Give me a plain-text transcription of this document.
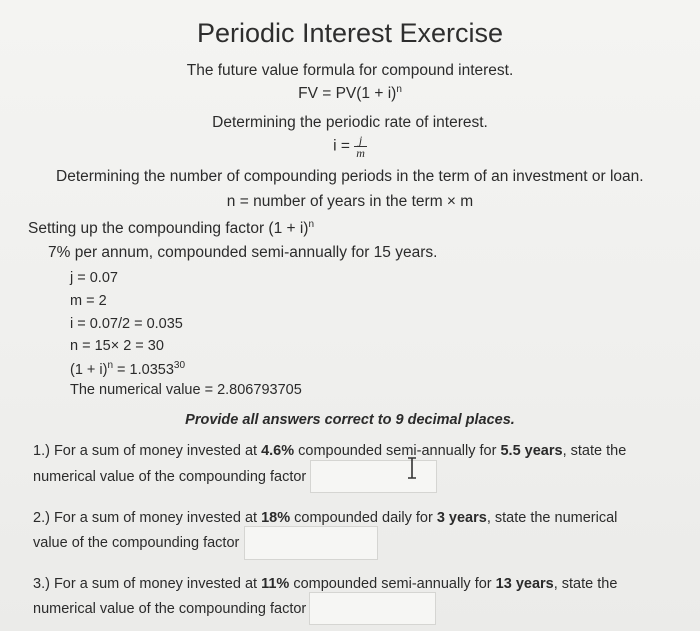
Periodic Interest Exercise
The future value formula for compound interest.
FV = $PV(1 + i)^n$
Determining the periodic rate of interest.
$i = \frac{j}{m}$
Determining the number of compounding periods in the term of an investment or loan.
n = number of years in the term × m
Setting up the compounding factor $(1 + i)^n$
7% per annum, compounded semi-annually for 15 years.
j = 0.07
m = 2
i = 0.07/2 = 0.035
n = 15× 2 = 30
$(1 + i)^n = 1.0353^{30}$
The numerical value = 2.806793705
Provide all answers correct to 9 decimal places.
1.) For a sum of money invested at 4.6% compounded semi-annually for 5.5 years, state the
numerical value of the compounding factor
2.) For a sum of money invested at 18% compounded daily for 3 years, state the numerical
value of the compounding factor
3.) For a sum of money invested at 11% compounded semi-annually for 13 years, state the
numerical value of the compounding factor
